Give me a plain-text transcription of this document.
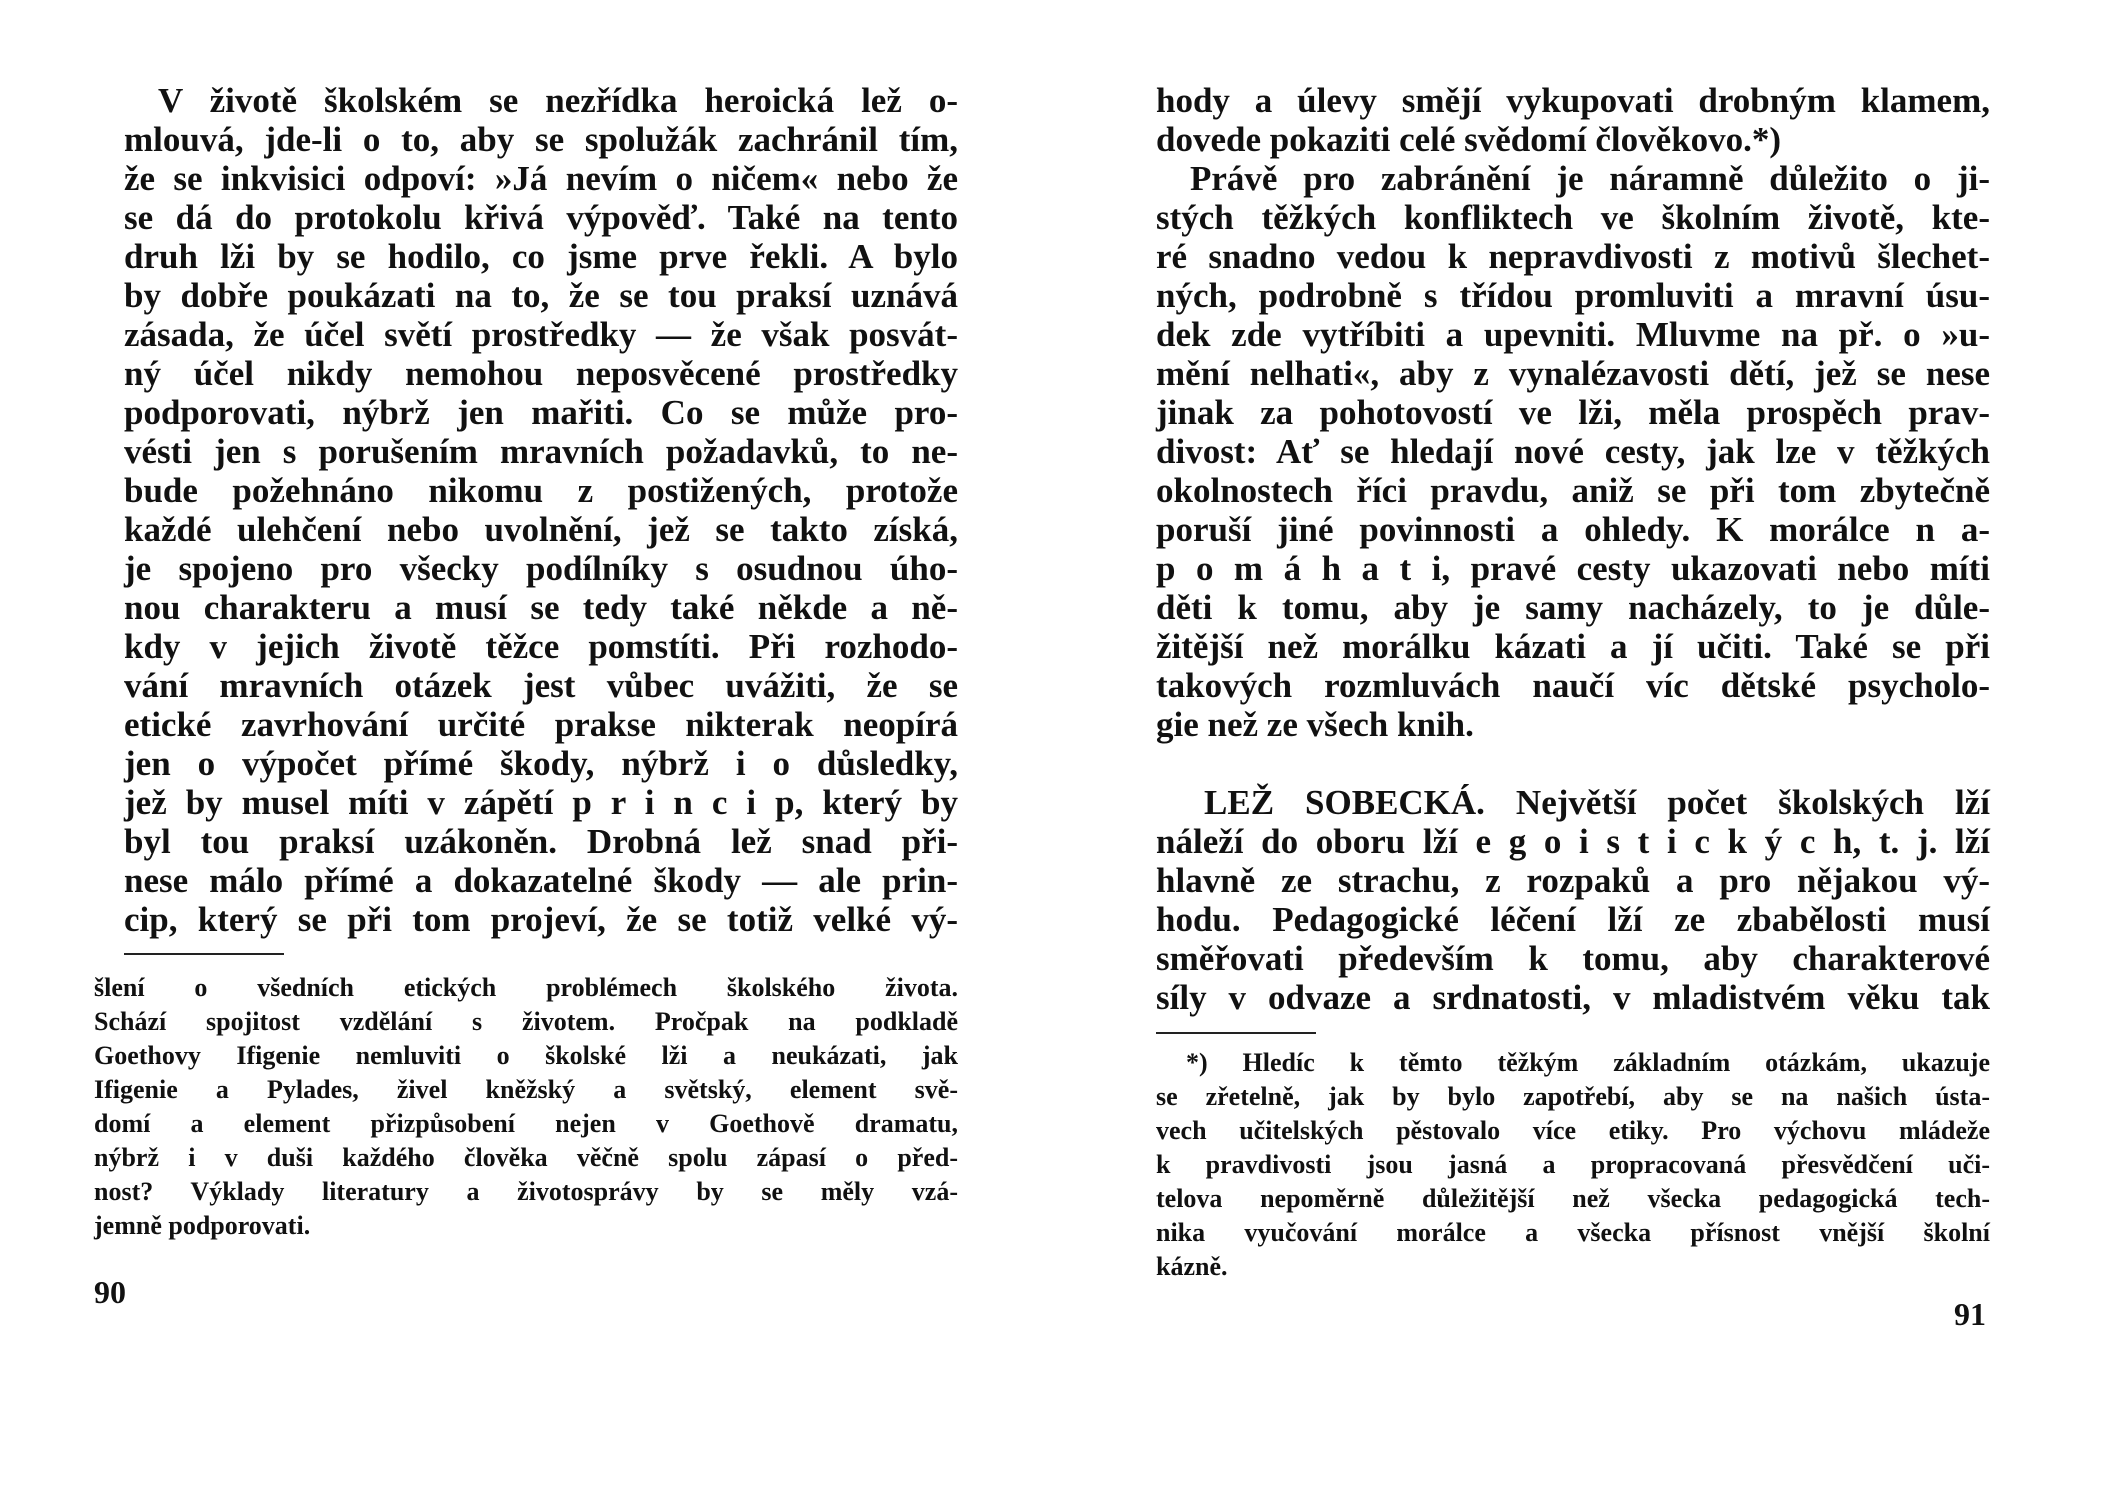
V životě školském se nezřídka heroická lež o-
mlouvá, jde-li o to, aby se spolužák zachránil tím,
že se inkvisici odpoví: »Já nevím o ničem« nebo že
se dá do protokolu křivá výpověď. Také na tento
druh lži by se hodilo, co jsme prve řekli. A bylo
by dobře poukázati na to, že se tou praksí uznává
zásada, že účel světí prostředky — že však posvát-
ný účel nikdy nemohou neposvěcené prostředky
podporovati, nýbrž jen mařiti. Co se může pro-
vésti jen s porušením mravních požadavků, to ne-
bude požehnáno nikomu z postižených, protože
každé ulehčení nebo uvolnění, jež se takto získá,
je spojeno pro všecky podílníky s osudnou úho-
nou charakteru a musí se tedy také někde a ně-
kdy v jejich životě těžce pomstíti. Při rozhodo-
vání mravních otázek jest vůbec uvážiti, že se
etické zavrhování určité prakse nikterak neopírá
jen o výpočet přímé škody, nýbrž i o důsledky,
jež by musel míti v zápětí p r i n c i p, který by
byl tou praksí uzákoněn. Drobná lež snad při-
nese málo přímé a dokazatelné škody — ale prin-
cip, který se při tom projeví, že se totiž velké vý-
šlení o všedních etických problémech školského života.
Schází spojitost vzdělání s životem. Pročpak na podkladě
Goethovy Ifigenie nemluviti o školské lži a neukázati, jak
Ifigenie a Pylades, živel kněžský a světský, element svě-
domí a element přizpůsobení nejen v Goethově dramatu,
nýbrž i v duši každého člověka věčně spolu zápasí o před-
nost? Výklady literatury a životosprávy by se měly vzá-
jemně podporovati.
90
hody a úlevy smějí vykupovati drobným klamem,
dovede pokaziti celé svědomí člověkovo.*)
Právě pro zabránění je náramně důležito o ji-
stých těžkých konfliktech ve školním životě, kte-
ré snadno vedou k nepravdivosti z motivů šlechet-
ných, podrobně s třídou promluviti a mravní úsu-
dek zde vytříbiti a upevniti. Mluvme na př. o »u-
mění nelhati«, aby z vynalézavosti dětí, jež se nese
jinak za pohotovostí ve lži, měla prospěch prav-
divost: Ať se hledají nové cesty, jak lze v těžkých
okolnostech říci pravdu, aniž se při tom zbytečně
poruší jiné povinnosti a ohledy. K morálce n a-
p o m á h a t i, pravé cesty ukazovati nebo míti
děti k tomu, aby je samy nacházely, to je důle-
žitější než morálku kázati a jí učiti. Také se při
takových rozmluvách naučí víc dětské psycholo-
gie než ze všech knih.
LEŽ SOBECKÁ. Největší počet školských lží
náleží do oboru lží e g o i s t i c k ý c h, t. j. lží
hlavně ze strachu, z rozpaků a pro nějakou vý-
hodu. Pedagogické léčení lží ze zbabělosti musí
směřovati především k tomu, aby charakterové
síly v odvaze a srdnatosti, v mladistvém věku tak
*) Hledíc k těmto těžkým základním otázkám, ukazuje
se zřetelně, jak by bylo zapotřebí, aby se na našich ústa-
vech učitelských pěstovalo více etiky. Pro výchovu mládeže
k pravdivosti jsou jasná a propracovaná přesvědčení uči-
telova nepoměrně důležitější než všecka pedagogická tech-
nika vyučování morálce a všecka přísnost vnější školní
kázně.
91
